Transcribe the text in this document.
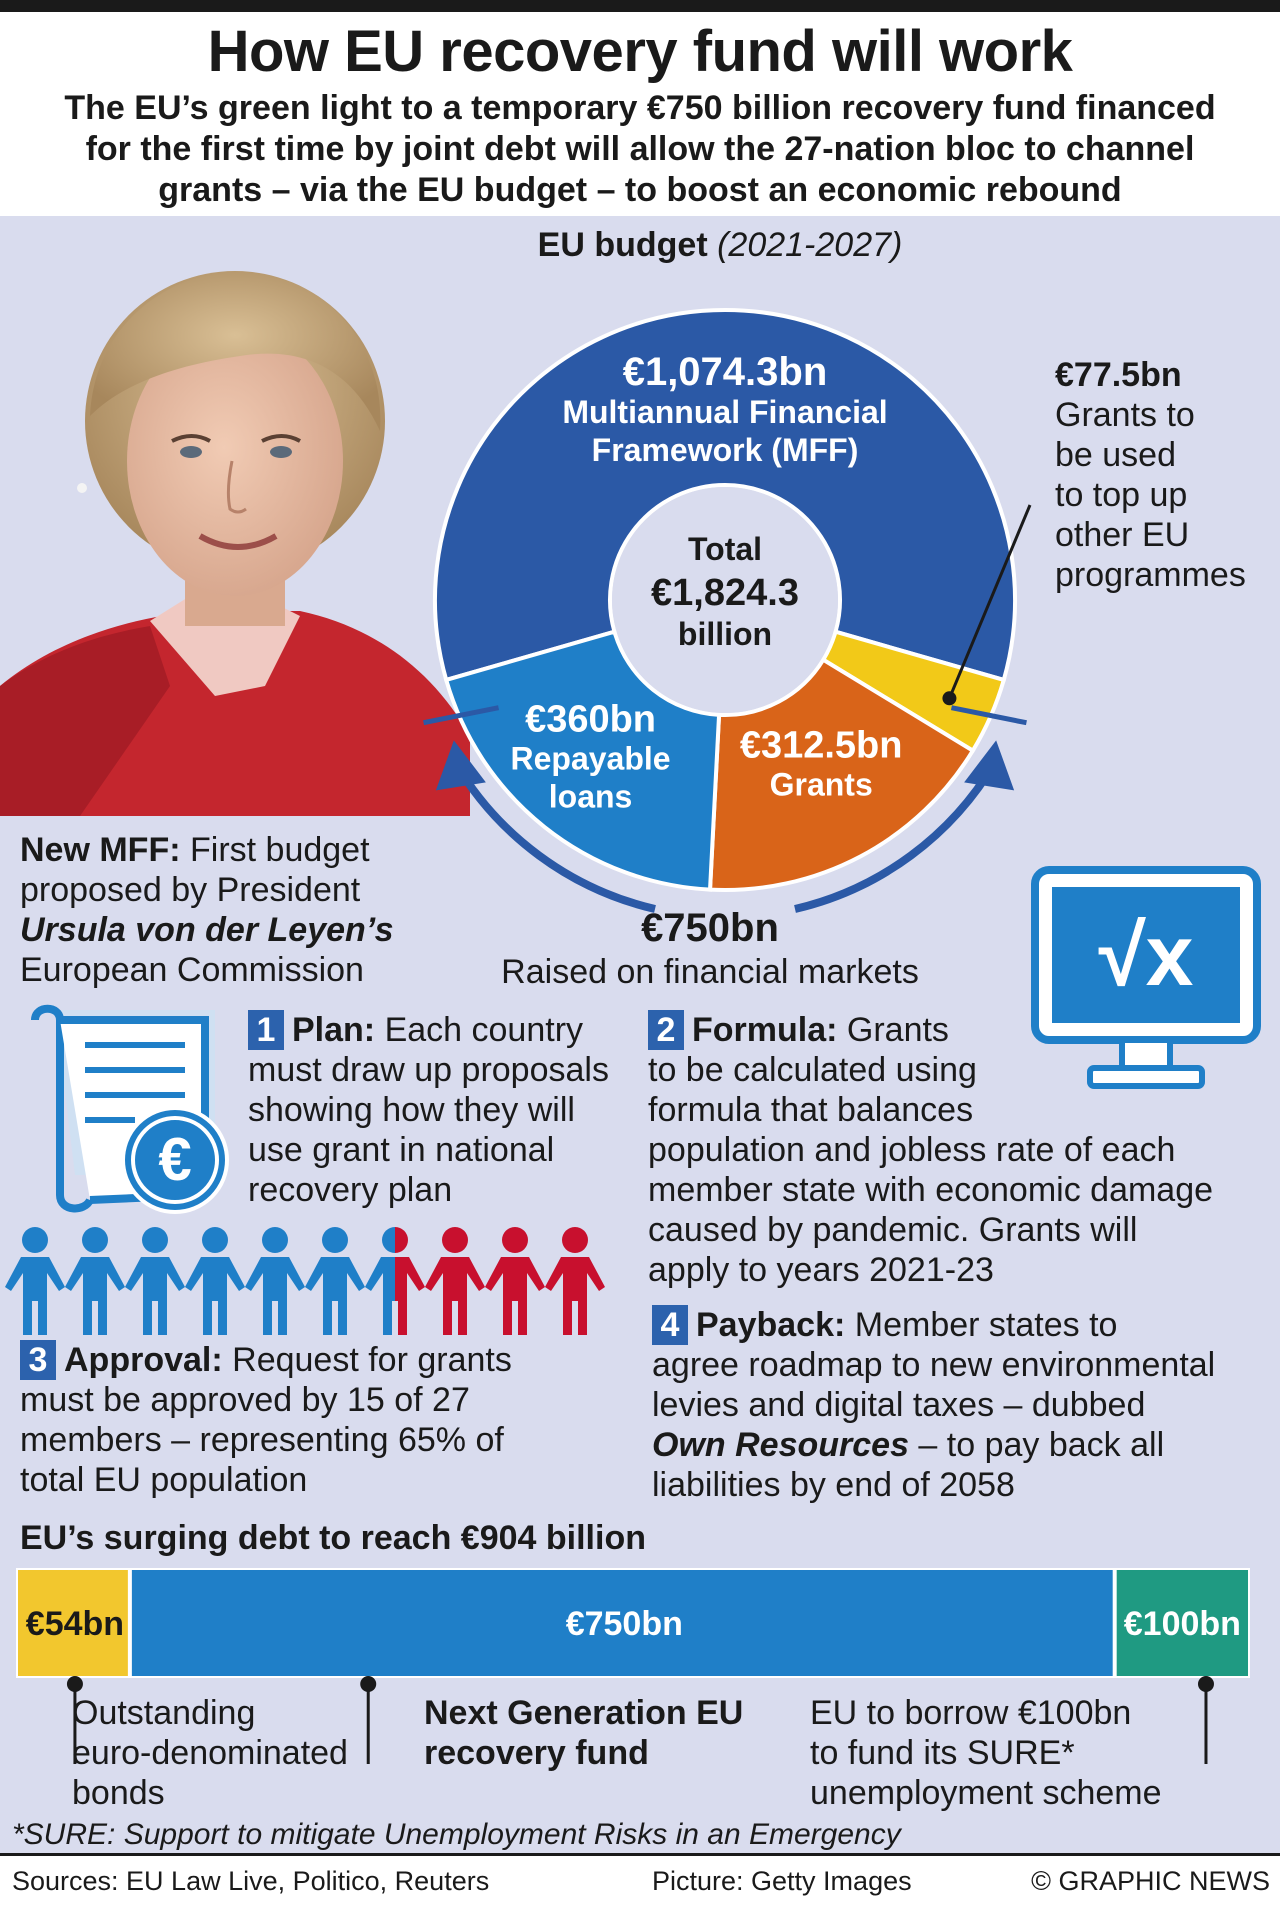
How EU recovery fund will work
The EU’s green light to a temporary €750 billion recovery fund financed
for the first time by joint debt will allow the 27-nation bloc to channel
grants – via the EU budget – to boost an economic rebound
EU budget (2021-2027)
€1,074.3bn
Multiannual Financial
Framework (MFF)
€312.5bn
Grants
€360bn
Repayable
loans
Total
€1,824.3
billion
€77.5bn
Grants to
be used
to top up
other EU
programmes
€750bn
Raised on financial markets
New MFF: First budget
proposed by President
Ursula von der Leyen’s
European Commission
€
√x
1 Plan: Each country
must draw up proposals
showing how they will
use grant in national
recovery plan
2 Formula: Grants
to be calculated using
formula that balances
population and jobless rate of each
member state with economic damage
caused by pandemic. Grants will
apply to years 2021-23
3 Approval: Request for grants
must be approved by 15 of 27
members – representing 65% of
total EU population
4 Payback: Member states to
agree roadmap to new environmental
levies and digital taxes – dubbed
Own Resources – to pay back all
liabilities by end of 2058
EU’s surging debt to reach €904 billion
€54bn	€750bn	€100bn
Outstanding
euro-denominated
bonds
Next Generation EU
recovery fund
EU to borrow €100bn
to fund its SURE*
unemployment scheme
*SURE: Support to mitigate Unemployment Risks in an Emergency
Sources: EU Law Live, Politico, Reuters	Picture: Getty Images	© GRAPHIC NEWS
